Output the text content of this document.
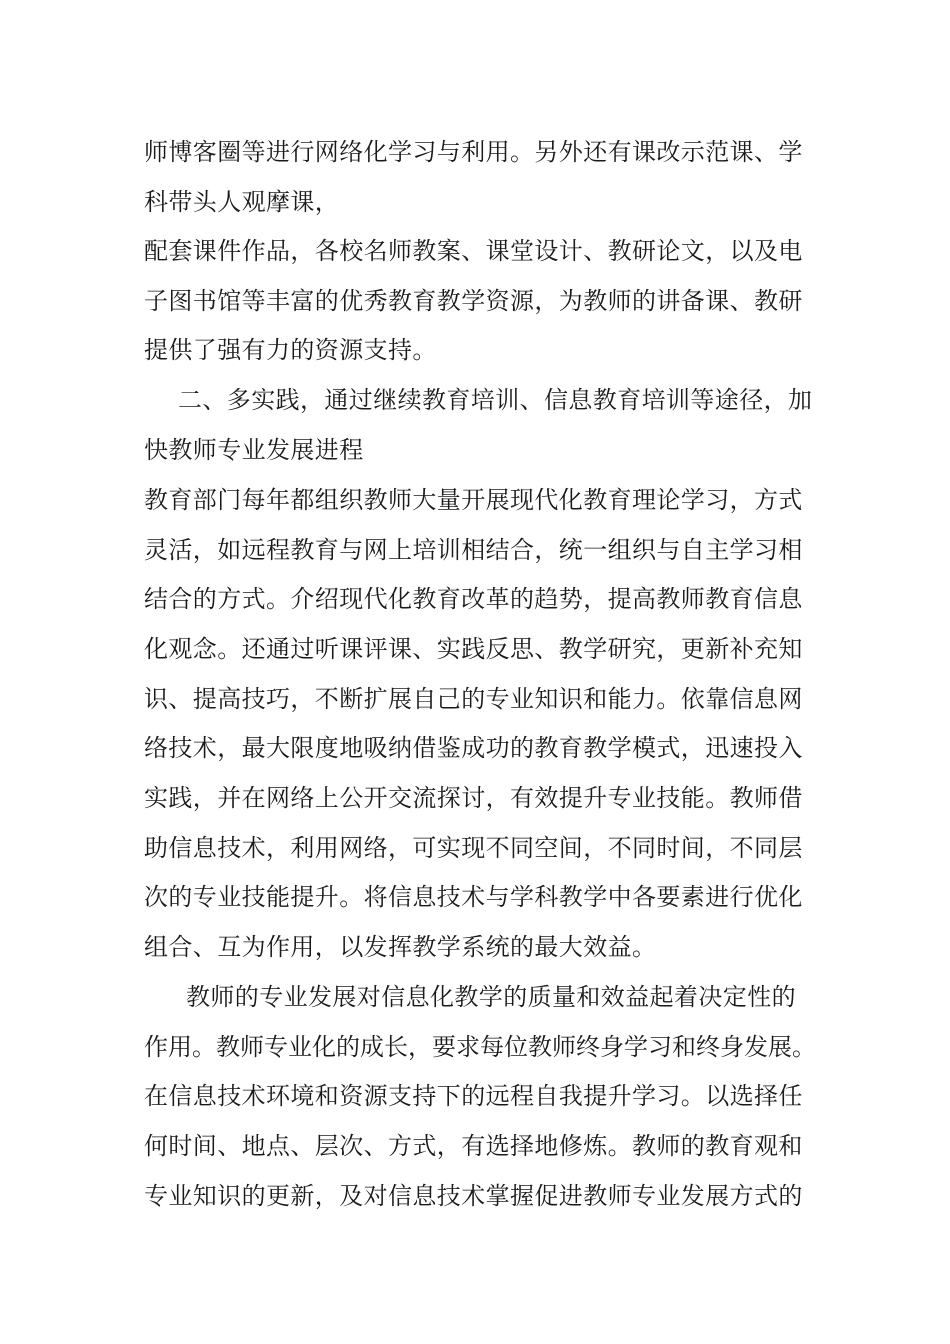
师博客圈等进行网络化学习与利用。另外还有课改示范课、学
科带头人观摩课，
配套课件作品，各校名师教案、课堂设计、教研论文，以及电
子图书馆等丰富的优秀教育教学资源，为教师的讲备课、教研
提供了强有力的资源支持。
二、多实践，通过继续教育培训、信息教育培训等途径，加
快教师专业发展进程
教育部门每年都组织教师大量开展现代化教育理论学习，方式
灵活，如远程教育与网上培训相结合，统一组织与自主学习相
结合的方式。介绍现代化教育改革的趋势，提高教师教育信息
化观念。还通过听课评课、实践反思、教学研究，更新补充知
识、提高技巧，不断扩展自己的专业知识和能力。依靠信息网
络技术，最大限度地吸纳借鉴成功的教育教学模式，迅速投入
实践，并在网络上公开交流探讨，有效提升专业技能。教师借
助信息技术，利用网络，可实现不同空间，不同时间，不同层
次的专业技能提升。将信息技术与学科教学中各要素进行优化
组合、互为作用，以发挥教学系统的最大效益。
教师的专业发展对信息化教学的质量和效益起着决定性的
作用。教师专业化的成长，要求每位教师终身学习和终身发展。
在信息技术环境和资源支持下的远程自我提升学习。以选择任
何时间、地点、层次、方式，有选择地修炼。教师的教育观和
专业知识的更新，及对信息技术掌握促进教师专业发展方式的
